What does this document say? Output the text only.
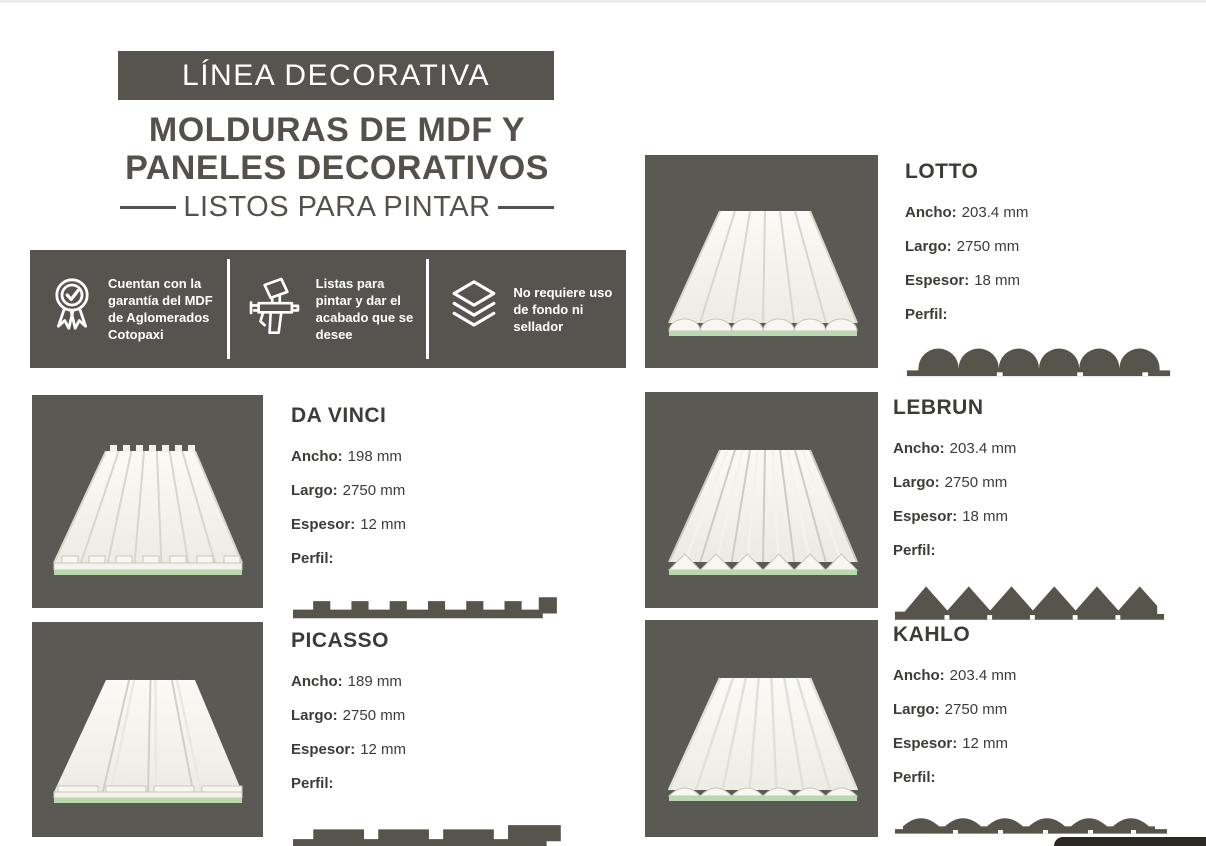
LÍNEA DECORATIVA
MOLDURAS DE MDF Y
PANELES DECORATIVOS
LISTOS PARA PINTAR
Cuentan con la garantía del MDF de Aglomerados Cotopaxi
Listas para pintar y dar el acabado que se desee
No requiere uso de fondo ni sellador
LOTTO
Ancho: 203.4 mm
Largo: 2750 mm
Espesor: 18 mm
Perfil:
DA VINCI
Ancho: 198 mm
Largo: 2750 mm
Espesor: 12 mm
Perfil:
LEBRUN
Ancho: 203.4 mm
Largo: 2750 mm
Espesor: 18 mm
Perfil:
PICASSO
Ancho: 189 mm
Largo: 2750 mm
Espesor: 12 mm
Perfil:
KAHLO
Ancho: 203.4 mm
Largo: 2750 mm
Espesor: 12 mm
Perfil:
